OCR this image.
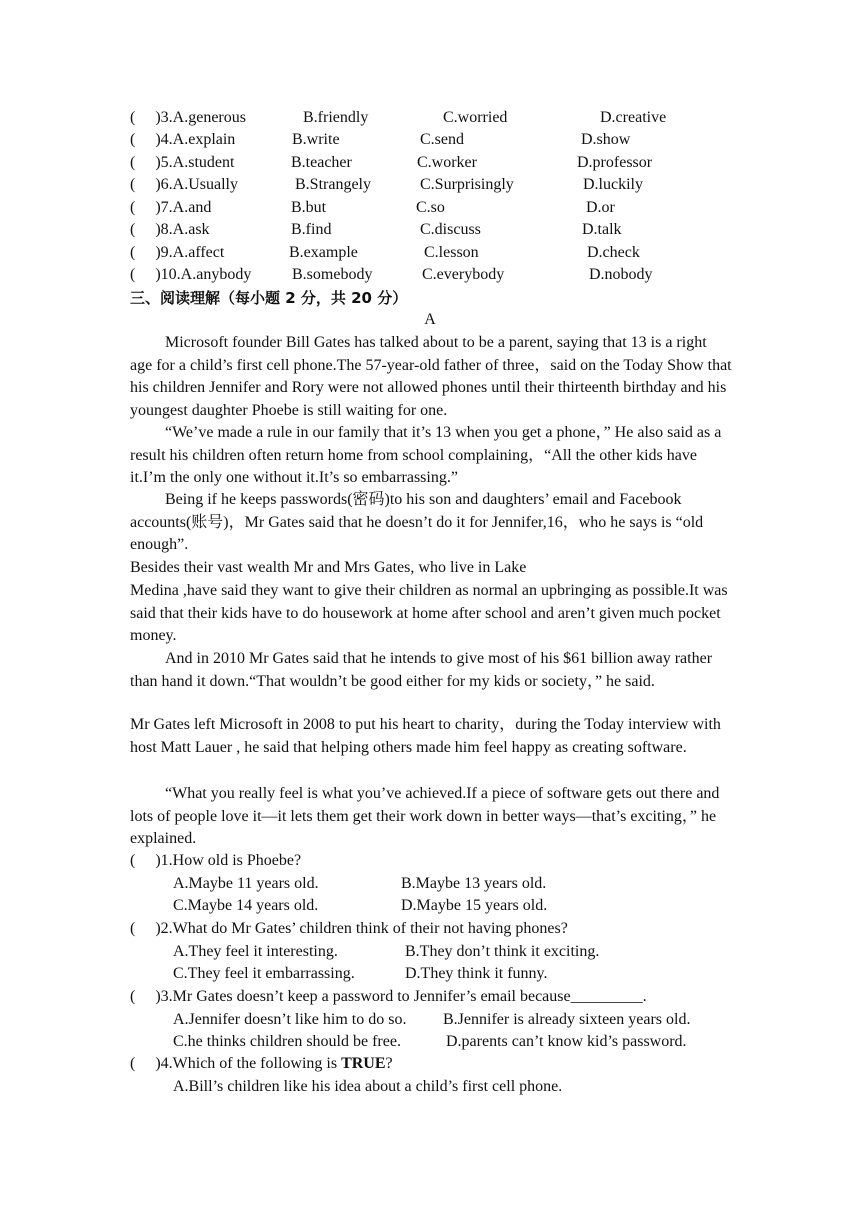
(     )3.A.generous	B.friendly	C.worried	D.creative
(     )4.A.explain	B.write	C.send	D.show
(     )5.A.student	B.teacher	C.worker	D.professor
(     )6.A.Usually	B.Strangely	C.Surprisingly	D.luckily
(     )7.A.and	B.but	C.so	D.or
(     )8.A.ask	B.find	C.discuss	D.talk
(     )9.A.affect	B.example	C.lesson	D.check
(     )10.A.anybody	B.somebody	C.everybody	D.nobody
三、阅读理解（每小题 2 分，共 20 分）
A
Microsoft founder Bill Gates has talked about to be a parent, saying that 13 is a right age for a child’s first cell phone.The 57-year-old father of three，said on the Today Show that his children Jennifer and Rory were not allowed phones until their thirteenth birthday and his youngest daughter Phoebe is still waiting for one.
“We’ve made a rule in our family that it’s 13 when you get a phone，” He also said as a result his children often return home from school complaining，“All the other kids have it.I’m the only one without it.It’s so embarrassing.”
Being if he keeps passwords(密码)to his son and daughters’ email and Facebook accounts(账号)，Mr Gates said that he doesn’t do it for Jennifer,16，who he says is “old enough”.
Besides their vast wealth Mr and Mrs Gates, who live in Lake
Medina ,have said they want to give their children as normal an upbringing as possible.It was said that their kids have to do housework at home after school and aren’t given much pocket money.
And in 2010 Mr Gates said that he intends to give most of his $61 billion away rather than hand it down.“That wouldn’t be good either for my kids or society，” he said.
Mr Gates left Microsoft in 2008 to put his heart to charity，during the Today interview with host Matt Lauer , he said that helping others made him feel happy as creating software.
“What you really feel is what you’ve achieved.If a piece of software gets out there and lots of people love it—it lets them get their work down in better ways—that’s exciting，” he explained.
(     )1.How old is Phoebe?
A.Maybe 11 years old.	B.Maybe 13 years old.
C.Maybe 14 years old.	D.Maybe 15 years old.
(     )2.What do Mr Gates’ children think of their not having phones?
A.They feel it interesting.	B.They don’t think it exciting.
C.They feel it embarrassing.	D.They think it funny.
(     )3.Mr Gates doesn’t keep a password to Jennifer’s email because_________.
A.Jennifer doesn’t like him to do so. B.Jennifer is already sixteen years old.
C.he thinks children should be free.	D.parents can’t know kid’s password.
(     )4.Which of the following is TRUE?
A.Bill’s children like his idea about a child’s first cell phone.
